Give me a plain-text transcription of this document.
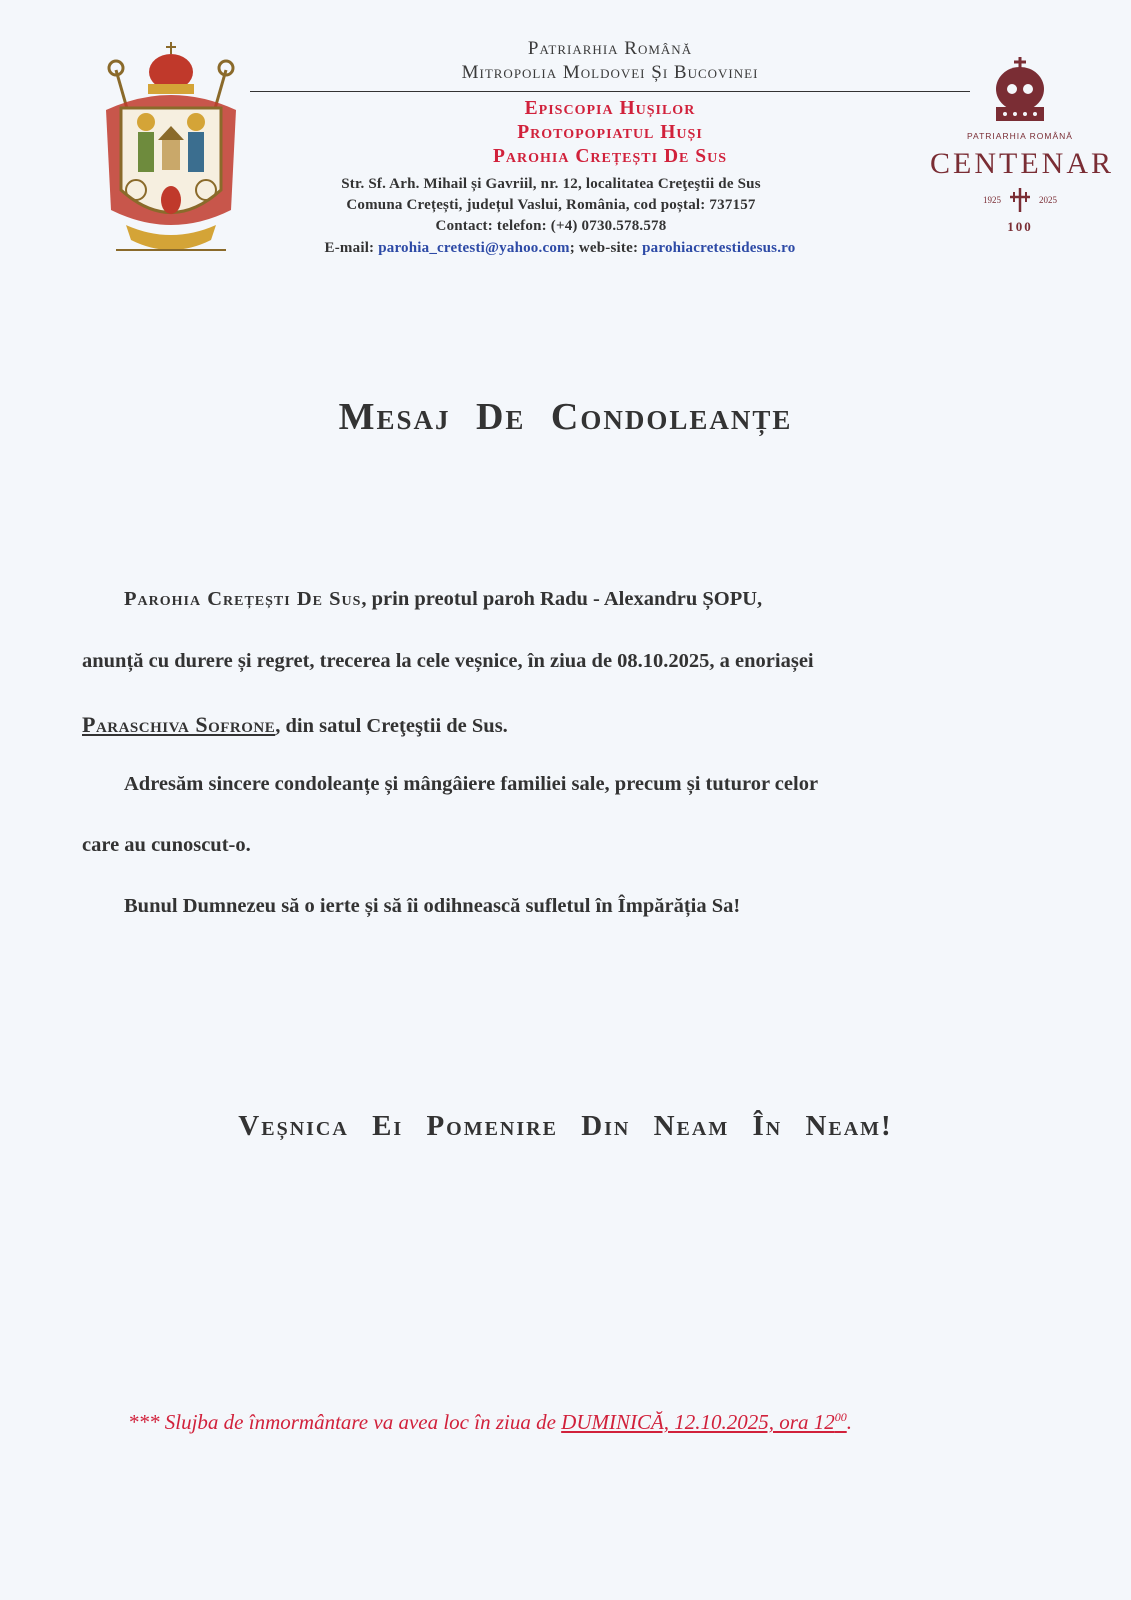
PATRIARHIA ROMÂNĂ
CENTENAR
1925	2025
100
Patriarhia Română
Mitropolia Moldovei Și Bucovinei
Episcopia Hușilor
Protopopiatul Huși
Parohia Crețești De Sus
Str. Sf. Arh. Mihail și Gavriil, nr. 12, localitatea Creţeştii de Sus
Comuna Crețești, județul Vaslui, România, cod poștal: 737157
Contact: telefon: (+4) 0730.578.578
E-mail: parohia_cretesti@yahoo.com; web-site: parohiacretestidesus.ro
Mesaj De Condoleanțe
Parohia Crețești De Sus, prin preotul paroh Radu - Alexandru ȘOPU,
anunță cu durere și regret, trecerea la cele veșnice, în ziua de 08.10.2025, a enoriașei
Paraschiva Sofrone, din satul Creţeştii de Sus.
Adresăm sincere condoleanțe și mângâiere familiei sale, precum și tuturor celor
care au cunoscut-o.
Bunul Dumnezeu să o ierte și să îi odihnească sufletul în Împărăția Sa!
Veșnica Ei Pomenire Din Neam În Neam!
*** Slujba de înmormântare va avea loc în ziua de DUMINICĂ, 12.10.2025, ora $12^{00}$.
